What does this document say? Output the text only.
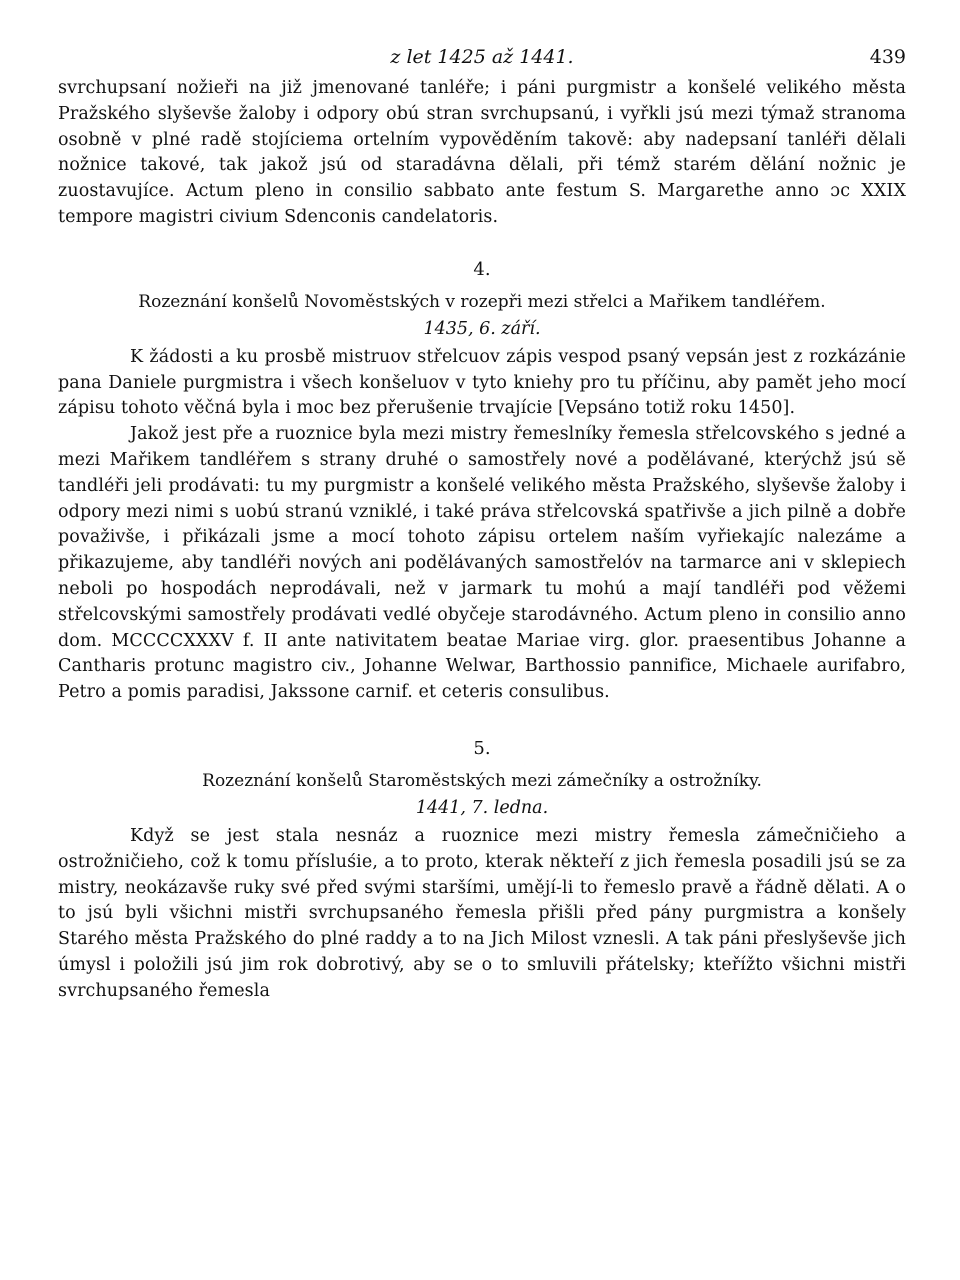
z let 1425 až 1441.	439

svrchupsaní nožieři na již jmenované tanléře; i páni purgmistr a konšelé velikého města Pražského slyševše žaloby i odpory obú stran svrchupsanú, i vyřkli jsú mezi týmaž stranoma osobně v plné radě stojíciema ortelním vypověděním takově: aby nadepsaní tanléři dělali nožnice takové, tak jakož jsú od staradávna dělali, při témž starém dělání nožnic je zuostavujíce. Actum pleno in consilio sabbato ante festum S. Margarethe anno ɔc XXIX tempore magistri civium Sdenconis candelatoris.

4.

Rozeznání konšelů Novoměstských v rozepři mezi střelci a Mařikem tandléřem.

1435, 6. září.

K žádosti a ku prosbě mistruov střelcuov zápis vespod psaný vepsán jest z rozkázánie pana Daniele purgmistra i všech konšeluov v tyto kniehy pro tu příčinu, aby pamět jeho mocí zápisu tohoto věčná byla i moc bez přerušenie trvajície [Vepsáno totiž roku 1450].

Jakož jest pře a ruoznice byla mezi mistry řemeslníky řemesla střelcovského s jedné a mezi Mařikem tandléřem s strany druhé o samostřely nové a podělávané, kterýchž jsú sě tandléři jeli prodávati: tu my purgmistr a konšelé velikého města Pražského, slyševše žaloby i odpory mezi nimi s uobú stranú vzniklé, i také práva střelcovská spatřivše a jich pilně a dobře považivše, i přikázali jsme a mocí tohoto zápisu ortelem naším vyřiekajíc nalezáme a přikazujeme, aby tandléři nových ani podělávaných samostřelóv na tarmarce ani v sklepiech neboli po hospodách neprodávali, než v jarmark tu mohú a mají tandléři pod věžemi střelcovskými samostřely prodávati vedlé obyčeje starodávného. Actum pleno in consilio anno dom. MCCCCXXXV f. II ante nativitatem beatae Mariae virg. glor. praesentibus Johanne a Cantharis protunc magistro civ., Johanne Welwar, Barthossio pannifice, Michaele aurifabro, Petro a pomis paradisi, Jakssone carnif. et ceteris consulibus.

5.

Rozeznání konšelů Staroměstských mezi zámečníky a ostrožníky.

1441, 7. ledna.

Když se jest stala nesnáz a ruoznice mezi mistry řemesla zámečničieho a ostrožničieho, což k tomu přísluśie, a to proto, kterak někteří z jich řemesla posadili jsú se za mistry, neokázavše ruky své před svými staršími, umějí-li to řemeslo pravě a řádně dělati. A o to jsú byli všichni mistři svrchupsaného řemesla přišli před pány purgmistra a konšely Starého města Pražského do plné raddy a to na Jich Milost vznesli. A tak páni přeslyševše jich úmysl i položili jsú jim rok dobrotivý, aby se o to smluvili přátelsky; kteřížto všichni mistři svrchupsaného řemesla
